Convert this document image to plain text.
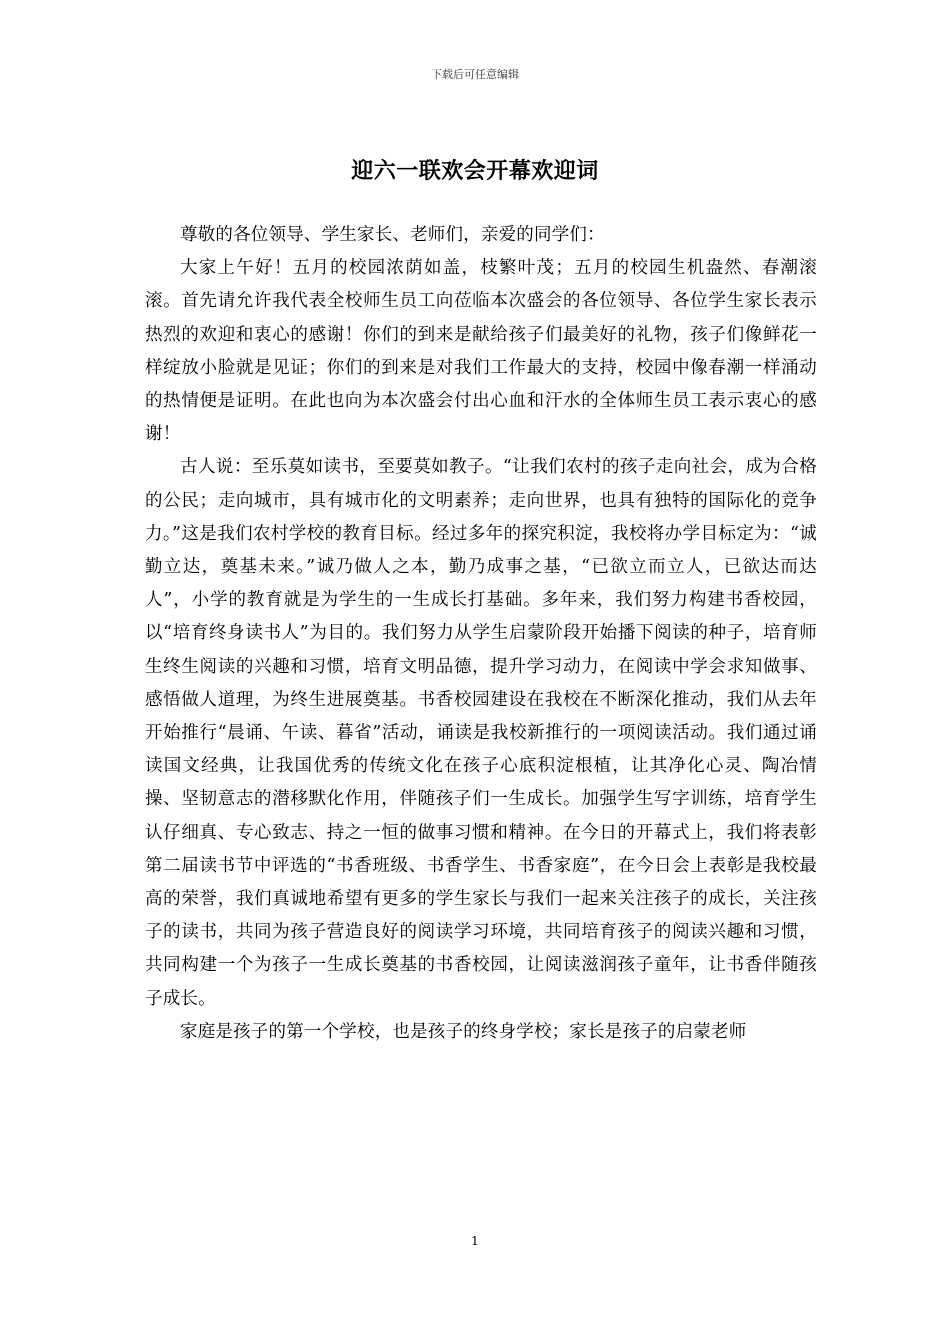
下载后可任意编辑
迎六一联欢会开幕欢迎词

尊敬的各位领导、学生家长、老师们，亲爱的同学们：

大家上午好！五月的校园浓荫如盖，枝繁叶茂；五月的校园生机盎然、春潮滚滚。首先请允许我代表全校师生员工向莅临本次盛会的各位领导、各位学生家长表示热烈的欢迎和衷心的感谢！你们的到来是献给孩子们最美好的礼物，孩子们像鲜花一样绽放小脸就是见证；你们的到来是对我们工作最大的支持，校园中像春潮一样涌动的热情便是证明。在此也向为本次盛会付出心血和汗水的全体师生员工表示衷心的感谢！

古人说：至乐莫如读书，至要莫如教子。“让我们农村的孩子走向社会，成为合格的公民；走向城市，具有城市化的文明素养；走向世界，也具有独特的国际化的竞争力。”这是我们农村学校的教育目标。经过多年的探究积淀，我校将办学目标定为：“诚勤立达，奠基未来。”诚乃做人之本，勤乃成事之基，“已欲立而立人，已欲达而达人”，小学的教育就是为学生的一生成长打基础。多年来，我们努力构建书香校园，以“培育终身读书人”为目的。我们努力从学生启蒙阶段开始播下阅读的种子，培育师生终生阅读的兴趣和习惯，培育文明品德，提升学习动力，在阅读中学会求知做事、感悟做人道理，为终生进展奠基。书香校园建设在我校在不断深化推动，我们从去年开始推行“晨诵、午读、暮省”活动，诵读是我校新推行的一项阅读活动。我们通过诵读国文经典，让我国优秀的传统文化在孩子心底积淀根植，让其净化心灵、陶冶情操、坚韧意志的潜移默化作用，伴随孩子们一生成长。加强学生写字训练，培育学生认仔细真、专心致志、持之一恒的做事习惯和精神。在今日的开幕式上，我们将表彰第二届读书节中评选的“书香班级、书香学生、书香家庭”，在今日会上表彰是我校最高的荣誉，我们真诚地希望有更多的学生家长与我们一起来关注孩子的成长，关注孩子的读书，共同为孩子营造良好的阅读学习环境，共同培育孩子的阅读兴趣和习惯，共同构建一个为孩子一生成长奠基的书香校园，让阅读滋润孩子童年，让书香伴随孩子成长。

家庭是孩子的第一个学校，也是孩子的终身学校；家长是孩子的启蒙老师

1
